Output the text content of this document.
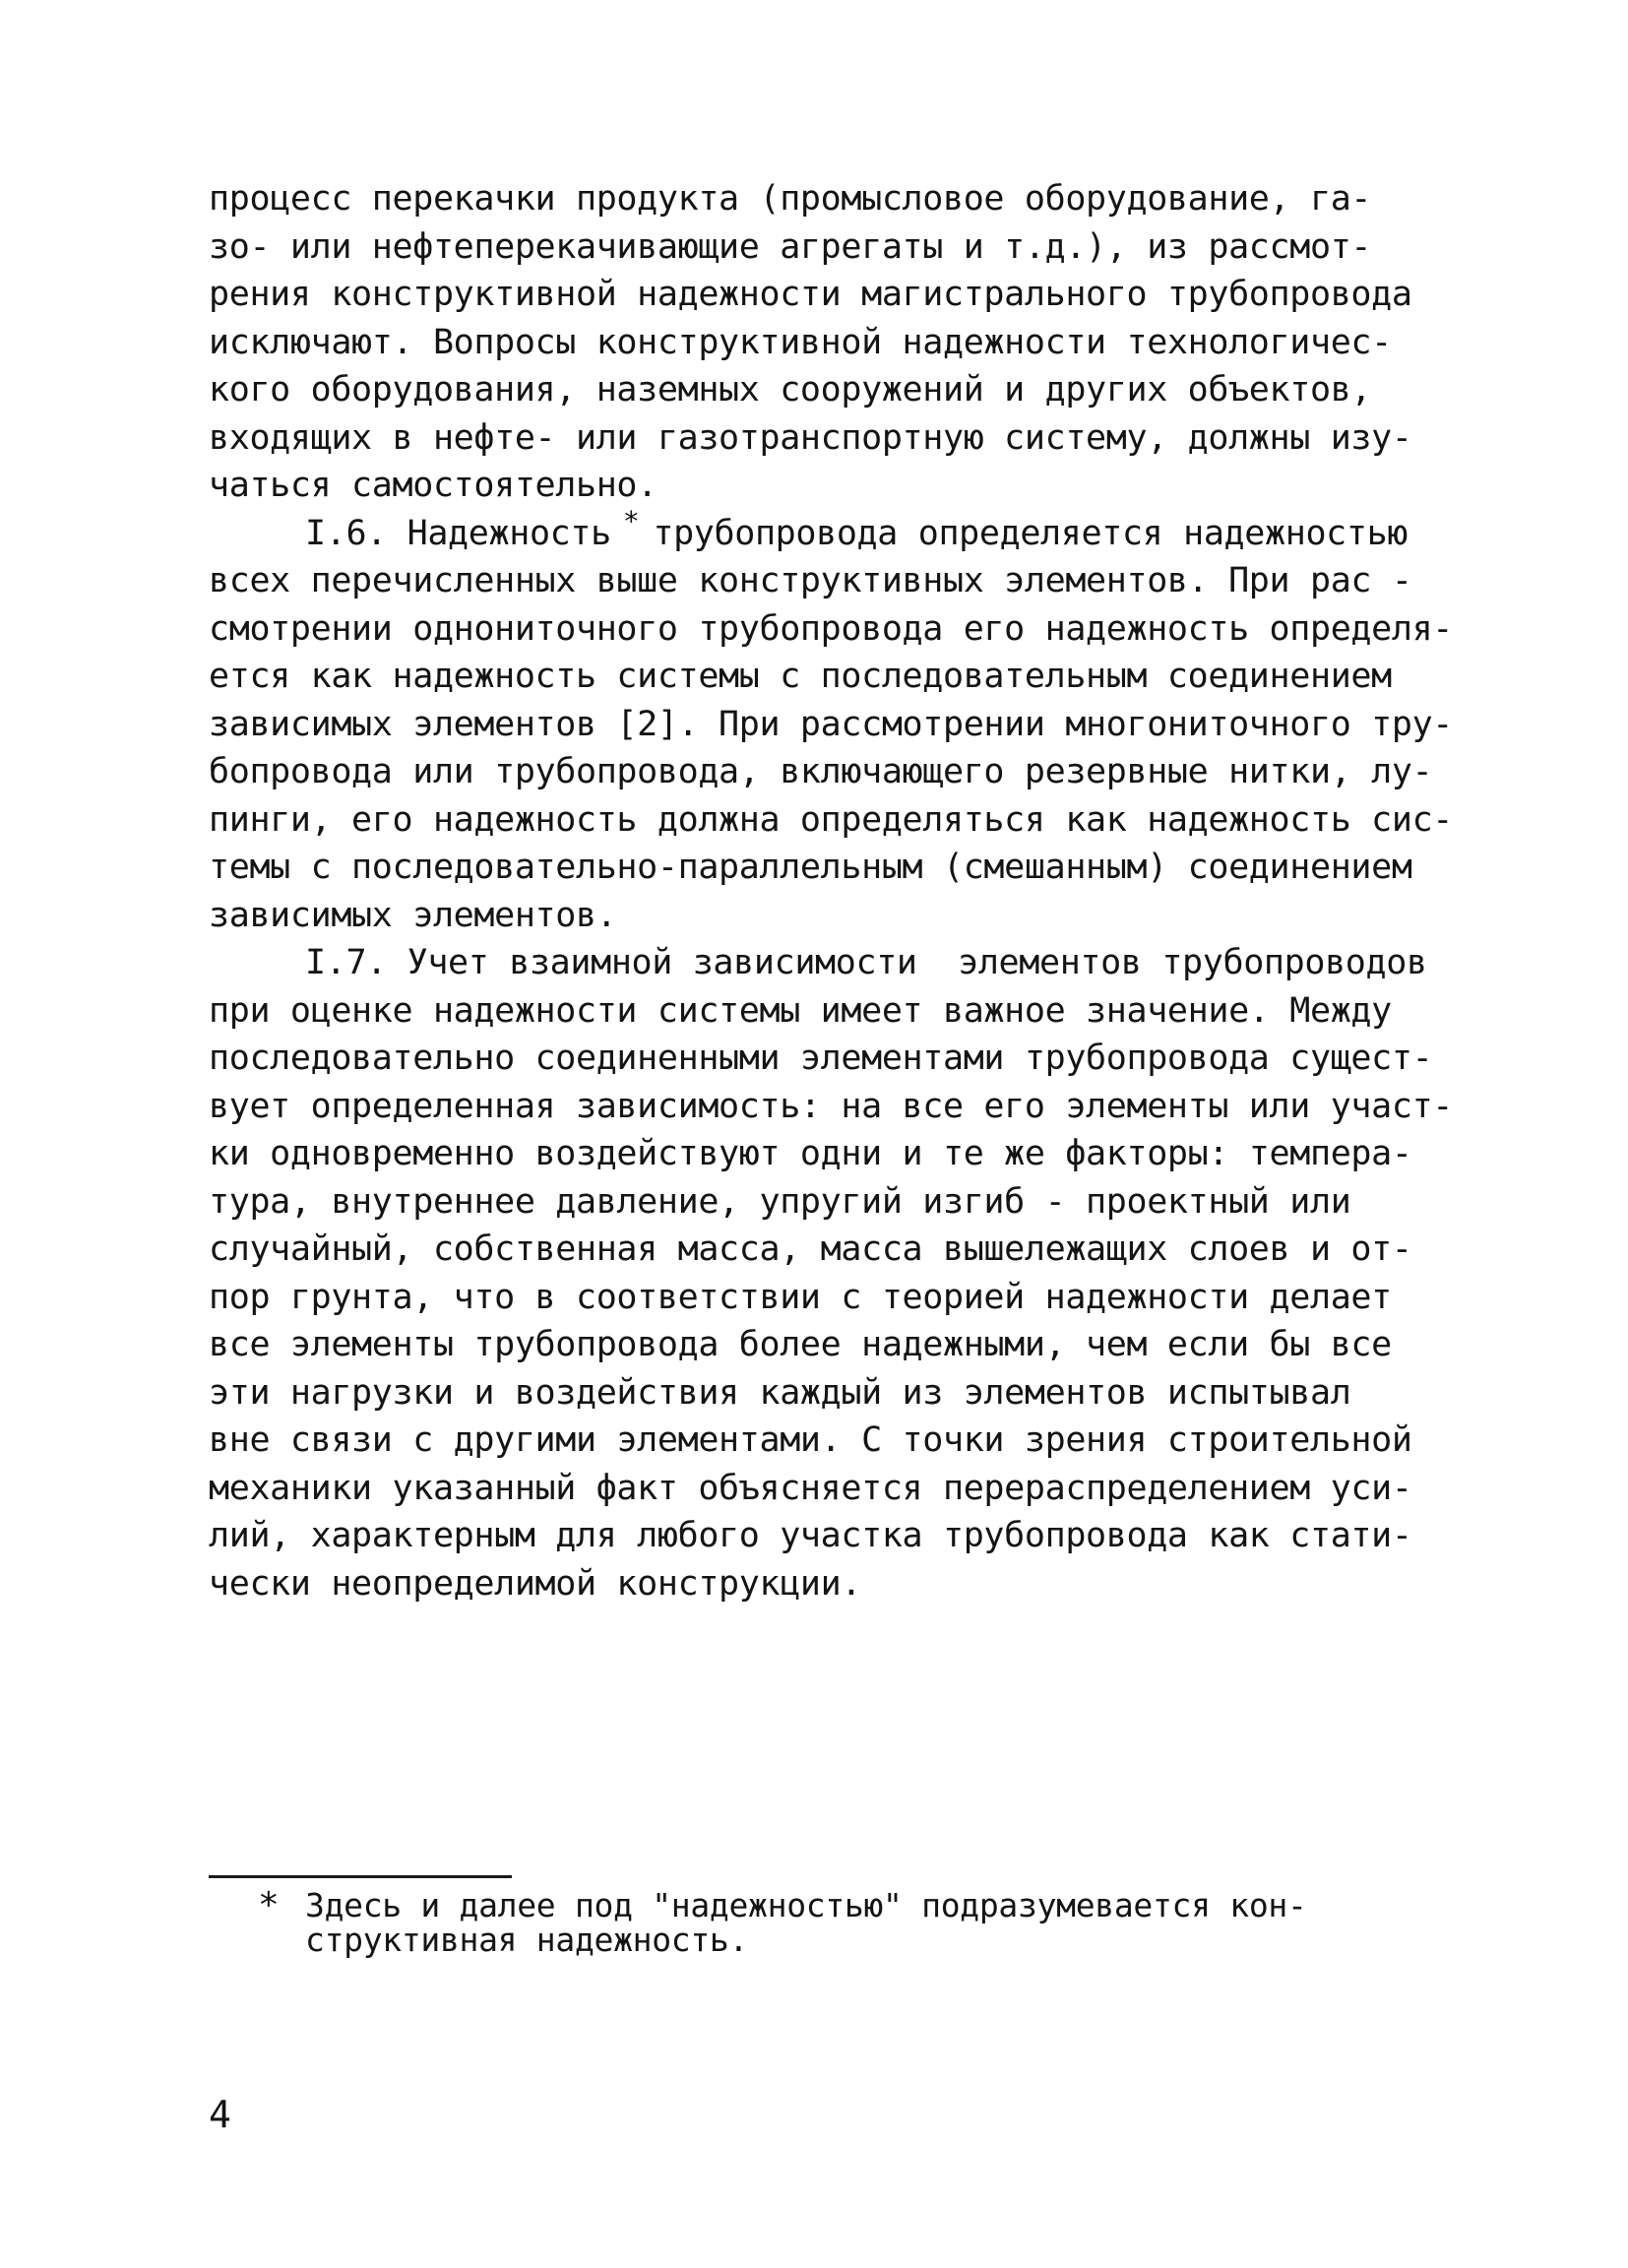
процесс перекачки продукта (промысловое оборудование, га-
зо- или нефтеперекачивающие агрегаты и т.д.), из рассмот-
рения конструктивной надежности магистрального трубопровода
исключают. Вопросы конструктивной надежности технологичес-
кого оборудования, наземных сооружений и других объектов,
входящих в нефте- или газотранспортную систему, должны изу-
чаться самостоятельно.
I.6. Надежность * трубопровода определяется надежностью
всех перечисленных выше конструктивных элементов. При рас -
смотрении однониточного трубопровода его надежность определя-
ется как надежность системы с последовательным соединением
зависимых элементов [2]. При рассмотрении многониточного тру-
бопровода или трубопровода, включающего резервные нитки, лу-
пинги, его надежность должна определяться как надежность сис-
темы с последовательно-параллельным (смешанным) соединением
зависимых элементов.
I.7. Учет взаимной зависимости  элементов трубопроводов
при оценке надежности системы имеет важное значение. Между
последовательно соединенными элементами трубопровода сущест-
вует определенная зависимость: на все его элементы или участ-
ки одновременно воздействуют одни и те же факторы: темпера-
тура, внутреннее давление, упругий изгиб - проектный или
случайный, собственная масса, масса вышележащих слоев и от-
пор грунта, что в соответствии с теорией надежности делает
все элементы трубопровода более надежными, чем если бы все
эти нагрузки и воздействия каждый из элементов испытывал
вне связи с другими элементами. С точки зрения строительной
механики указанный факт объясняется перераспределением уси-
лий, характерным для любого участка трубопровода как стати-
чески неопределимой конструкции.
* Здесь и далее под "надежностью" подразумевается кон-
структивная надежность.
4
